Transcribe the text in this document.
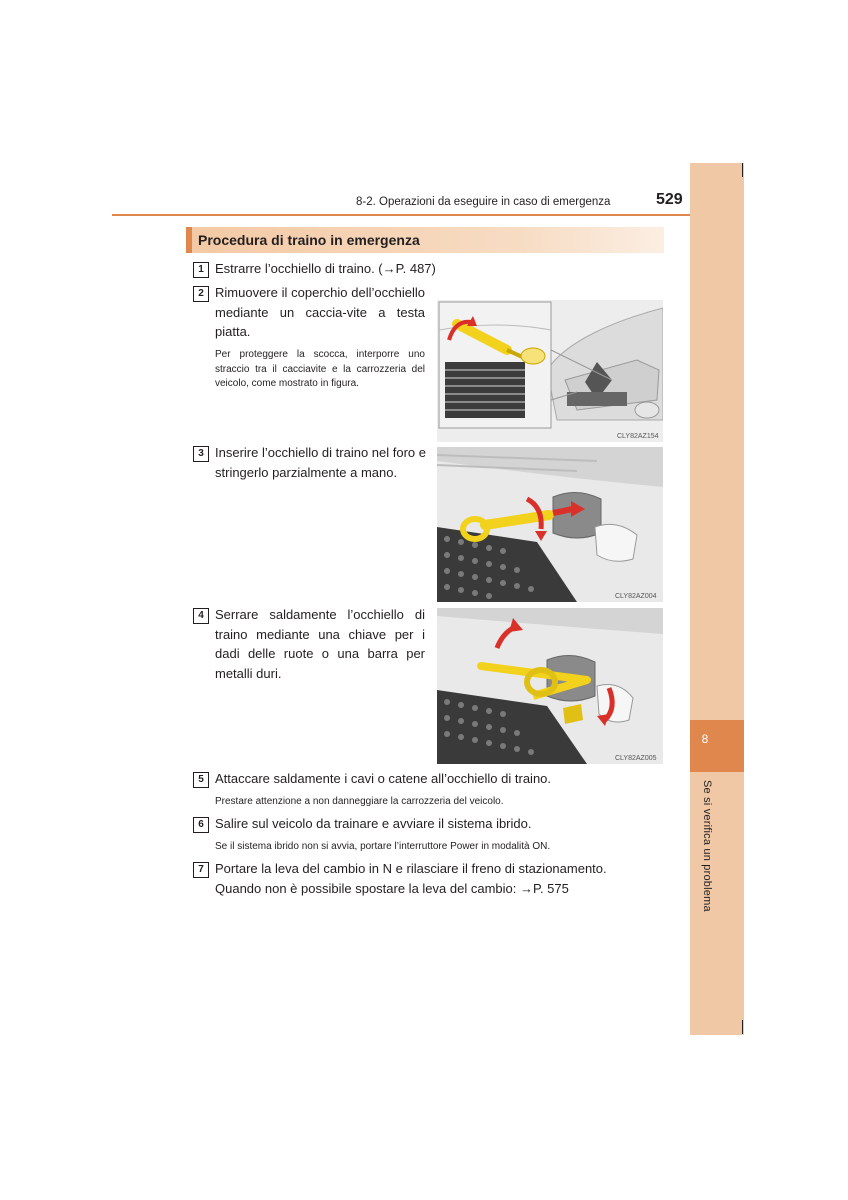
8
Se si verifica un problema
8-2. Operazioni da eseguire in caso di emergenza	529
Procedura di traino in emergenza
1 Estrarre l’occhiello di traino. (→P. 487)
2 Rimuovere il coperchio dell’occhiello mediante un caccia-vite a testa piatta.
Per proteggere la scocca, interporre uno straccio tra il cacciavite e la carrozzeria del veicolo, come mostrato in figura.
CLY82AZ154
3 Inserire l’occhiello di traino nel foro e stringerlo parzialmente a mano.
CLY82AZ004
4 Serrare saldamente l’occhiello di traino mediante una chiave per i dadi delle ruote o una barra per metalli duri.
CLY82AZ005
5 Attaccare saldamente i cavi o catene all’occhiello di traino.
Prestare attenzione a non danneggiare la carrozzeria del veicolo.
6 Salire sul veicolo da trainare e avviare il sistema ibrido.
Se il sistema ibrido non si avvia, portare l’interruttore Power in modalità ON.
7 Portare la leva del cambio in N e rilasciare il freno di stazionamento.
Quando non è possibile spostare la leva del cambio: →P. 575
